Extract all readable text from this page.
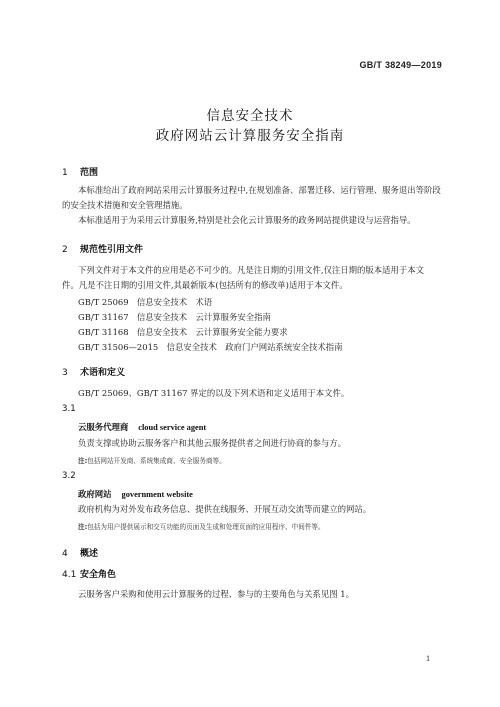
GB/T 38249—2019
信息安全技术
政府网站云计算服务安全指南
1 范围
本标准给出了政府网站采用云计算服务过程中,在规划准备、部署迁移、运行管理、服务退出等阶段
的安全技术措施和安全管理措施。
本标准适用于为采用云计算服务,特别是社会化云计算服务的政务网站提供建设与运营指导。
2 规范性引用文件
下列文件对于本文件的应用是必不可少的。凡是注日期的引用文件,仅注日期的版本适用于本文
件。凡是不注日期的引用文件,其最新版本(包括所有的修改单)适用于本文件。
GB/T 25069　信息安全技术　术语
GB/T 31167　信息安全技术　云计算服务安全指南
GB/T 31168　信息安全技术　云计算服务安全能力要求
GB/T 31506—2015　信息安全技术　政府门户网站系统安全技术指南
3 术语和定义
GB/T 25069、GB/T 31167 界定的以及下列术语和定义适用于本文件。
3.1
云服务代理商 cloud service agent
负责支撑或协助云服务客户和其他云服务提供者之间进行协商的参与方。
注:包括网站开发商、系统集成商、安全服务商等。
3.2
政府网站 government website
政府机构为对外发布政务信息、提供在线服务、开展互动交流等而建立的网站。
注:包括为用户提供展示和交互功能的页面及生成和处理页面的应用程序、中间件等。
4 概述
4.1 安全角色
云服务客户采购和使用云计算服务的过程、参与的主要角色与关系见图 1。
1
